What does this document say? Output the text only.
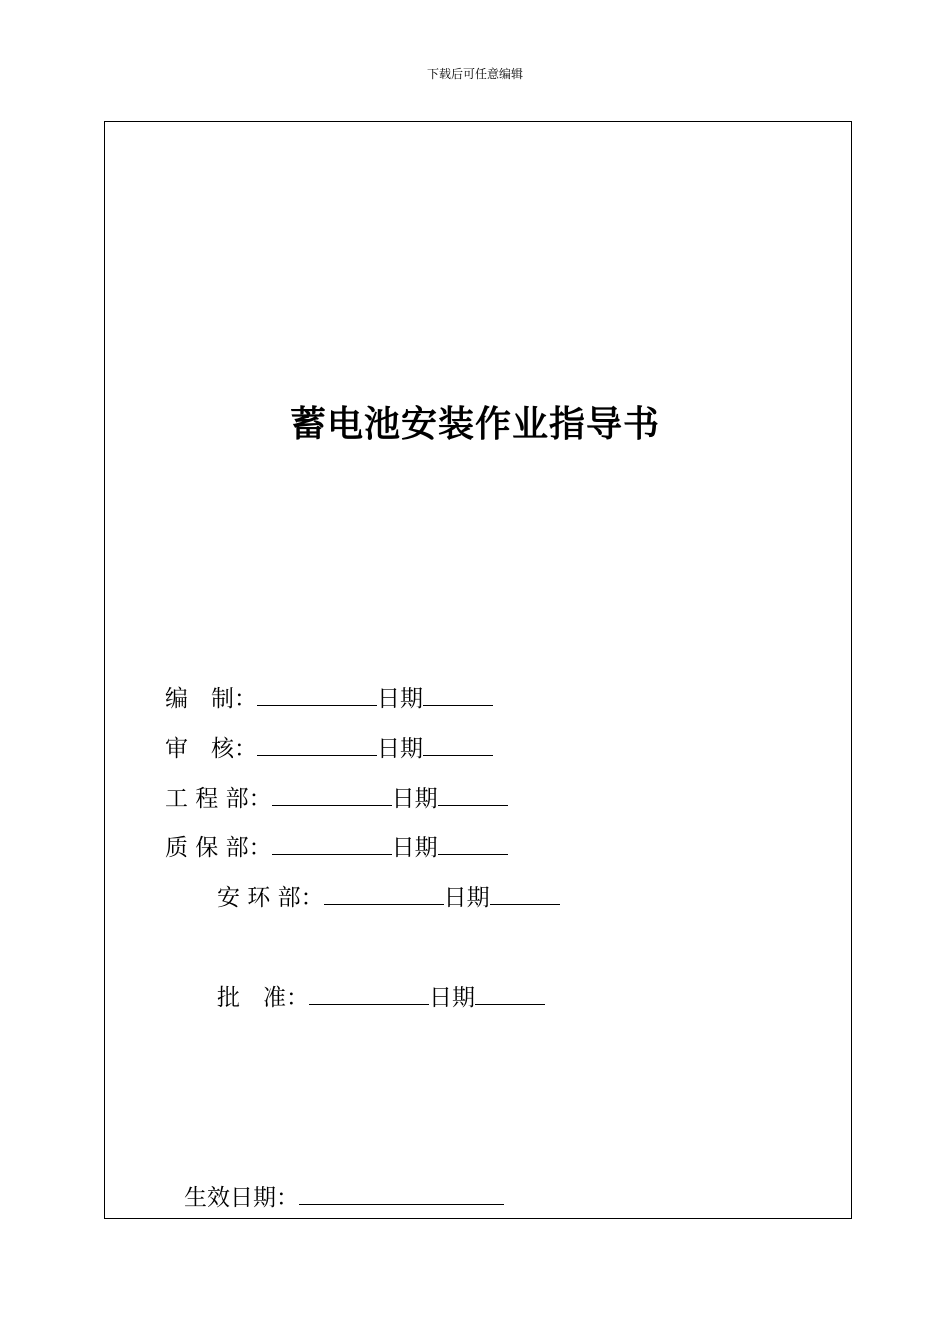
下载后可任意编辑
蓄电池安装作业指导书
编　制：	日期
审　核：	日期
工 程 部：	日期
质 保 部：	日期
安 环 部：	日期
批　准：	日期
生效日期：
